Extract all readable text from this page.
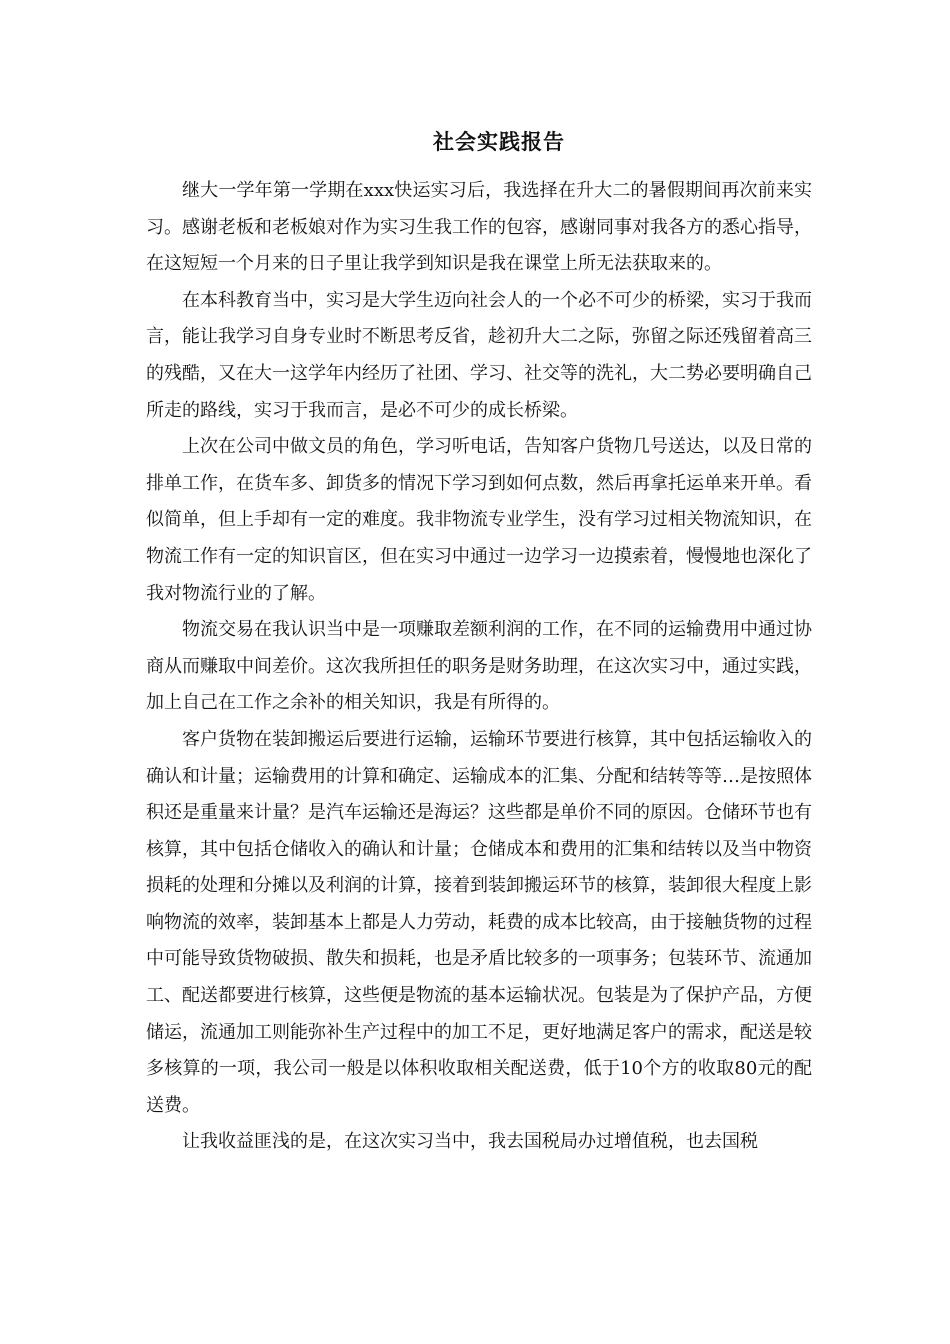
社会实践报告

继大一学年第一学期在xxx快运实习后，我选择在升大二的暑假期间再次前来实习。感谢老板和老板娘对作为实习生我工作的包容，感谢同事对我各方的悉心指导，在这短短一个月来的日子里让我学到知识是我在课堂上所无法获取来的。

在本科教育当中，实习是大学生迈向社会人的一个必不可少的桥梁，实习于我而言，能让我学习自身专业时不断思考反省，趁初升大二之际，弥留之际还残留着高三的残酷，又在大一这学年内经历了社团、学习、社交等的洗礼，大二势必要明确自己所走的路线，实习于我而言，是必不可少的成长桥梁。

上次在公司中做文员的角色，学习听电话，告知客户货物几号送达，以及日常的排单工作，在货车多、卸货多的情况下学习到如何点数，然后再拿托运单来开单。看似简单，但上手却有一定的难度。我非物流专业学生，没有学习过相关物流知识，在物流工作有一定的知识盲区，但在实习中通过一边学习一边摸索着，慢慢地也深化了我对物流行业的了解。

物流交易在我认识当中是一项赚取差额利润的工作，在不同的运输费用中通过协商从而赚取中间差价。这次我所担任的职务是财务助理，在这次实习中，通过实践，加上自己在工作之余补的相关知识，我是有所得的。

客户货物在装卸搬运后要进行运输，运输环节要进行核算，其中包括运输收入的确认和计量；运输费用的计算和确定、运输成本的汇集、分配和结转等等…是按照体积还是重量来计量？是汽车运输还是海运？这些都是单价不同的原因。仓储环节也有核算，其中包括仓储收入的确认和计量；仓储成本和费用的汇集和结转以及当中物资损耗的处理和分摊以及利润的计算，接着到装卸搬运环节的核算，装卸很大程度上影响物流的效率，装卸基本上都是人力劳动，耗费的成本比较高，由于接触货物的过程中可能导致货物破损、散失和损耗，也是矛盾比较多的一项事务；包装环节、流通加工、配送都要进行核算，这些便是物流的基本运输状况。包装是为了保护产品，方便储运，流通加工则能弥补生产过程中的加工不足，更好地满足客户的需求，配送是较多核算的一项，我公司一般是以体积收取相关配送费，低于10个方的收取80元的配送费。

让我收益匪浅的是，在这次实习当中，我去国税局办过增值税，也去国税
